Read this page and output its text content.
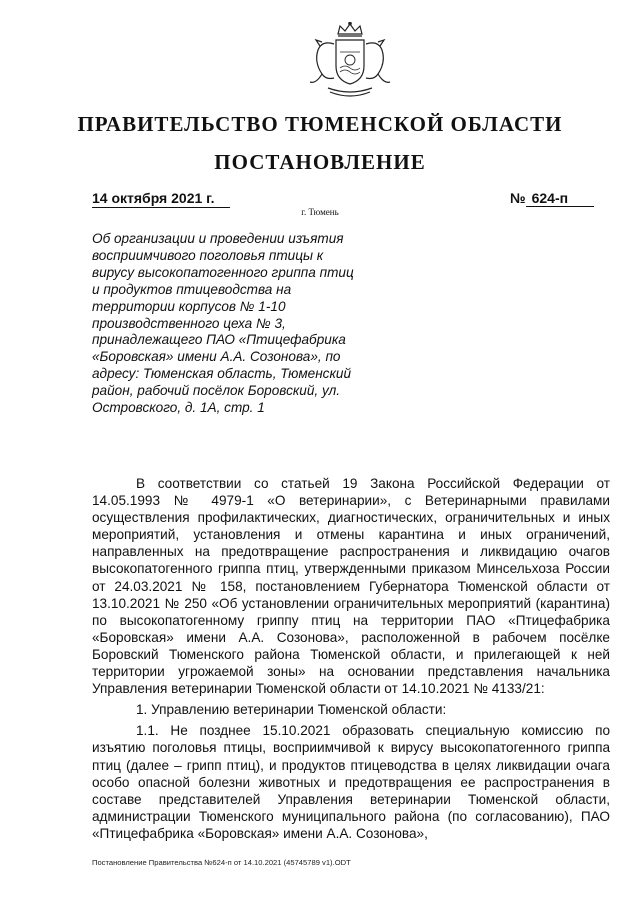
ПРАВИТЕЛЬСТВО ТЮМЕНСКОЙ ОБЛАСТИ
ПОСТАНОВЛЕНИЕ
14 октября 2021 г.	№ 624-п
г. Тюмень
Об организации и проведении изъятия восприимчивого поголовья птицы к вирусу высокопатогенного гриппа птиц и продуктов птицеводства на территории корпусов № 1-10 производственного цеха № 3, принадлежащего ПАО «Птицефабрика «Боровская» имени А.А. Созонова», по адресу: Тюменская область, Тюменский район, рабочий посёлок Боровский, ул. Островского, д. 1А, стр. 1

В соответствии со статьей 19 Закона Российской Федерации от 14.05.1993 № 4979-1 «О ветеринарии», с Ветеринарными правилами осуществления профилактических, диагностических, ограничительных и иных мероприятий, установления и отмены карантина и иных ограничений, направленных на предотвращение распространения и ликвидацию очагов высокопатогенного гриппа птиц, утвержденными приказом Минсельхоза России от 24.03.2021 № 158, постановлением Губернатора Тюменской области от 13.10.2021 № 250 «Об установлении ограничительных мероприятий (карантина) по высокопатогенному гриппу птиц на территории ПАО «Птицефабрика «Боровская» имени А.А. Созонова», расположенной в рабочем посёлке Боровский Тюменского района Тюменской области, и прилегающей к ней территории угрожаемой зоны» на основании представления начальника Управления ветеринарии Тюменской области от 14.10.2021 № 4133/21:

1. Управлению ветеринарии Тюменской области:

1.1. Не позднее 15.10.2021 образовать специальную комиссию по изъятию поголовья птицы, восприимчивой к вирусу высокопатогенного гриппа птиц (далее – грипп птиц), и продуктов птицеводства в целях ликвидации очага особо опасной болезни животных и предотвращения ее распространения в составе представителей Управления ветеринарии Тюменской области, администрации Тюменского муниципального района (по согласованию), ПАО «Птицефабрика «Боровская» имени А.А. Созонова»,

Постановление Правительства №624-п от 14.10.2021 (45745789 v1).ODT
